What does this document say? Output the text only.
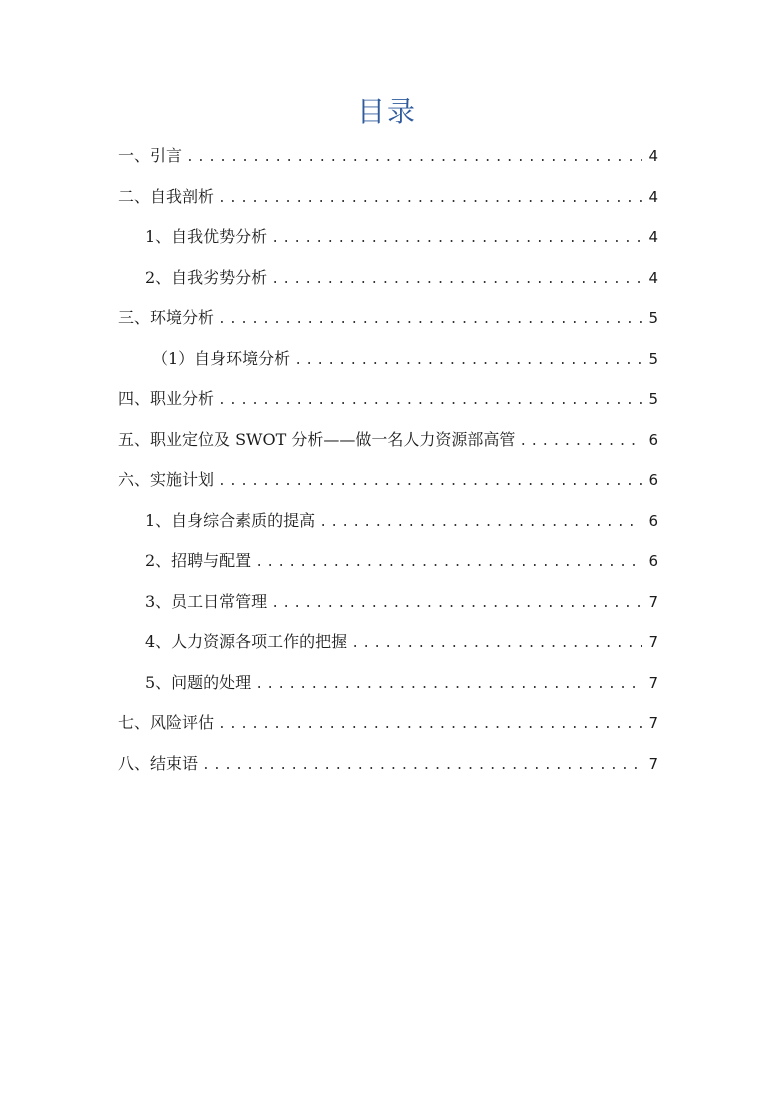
目录
一、引言 .....	4
二、自我剖析 .....	4
1、自我优势分析 .....	4
2、自我劣势分析 .....	4
三、环境分析 .....	5
（1）自身环境分析 .....	5
四、职业分析 .....	5
五、职业定位及 SWOT 分析——做一名人力资源部高管 .....	6
六、实施计划 .....	6
1、自身综合素质的提高 .....	6
2、招聘与配置 .....	6
3、员工日常管理 .....	7
4、人力资源各项工作的把握 .....	7
5、问题的处理 .....	7
七、风险评估 .....	7
八、结束语 .....	7
